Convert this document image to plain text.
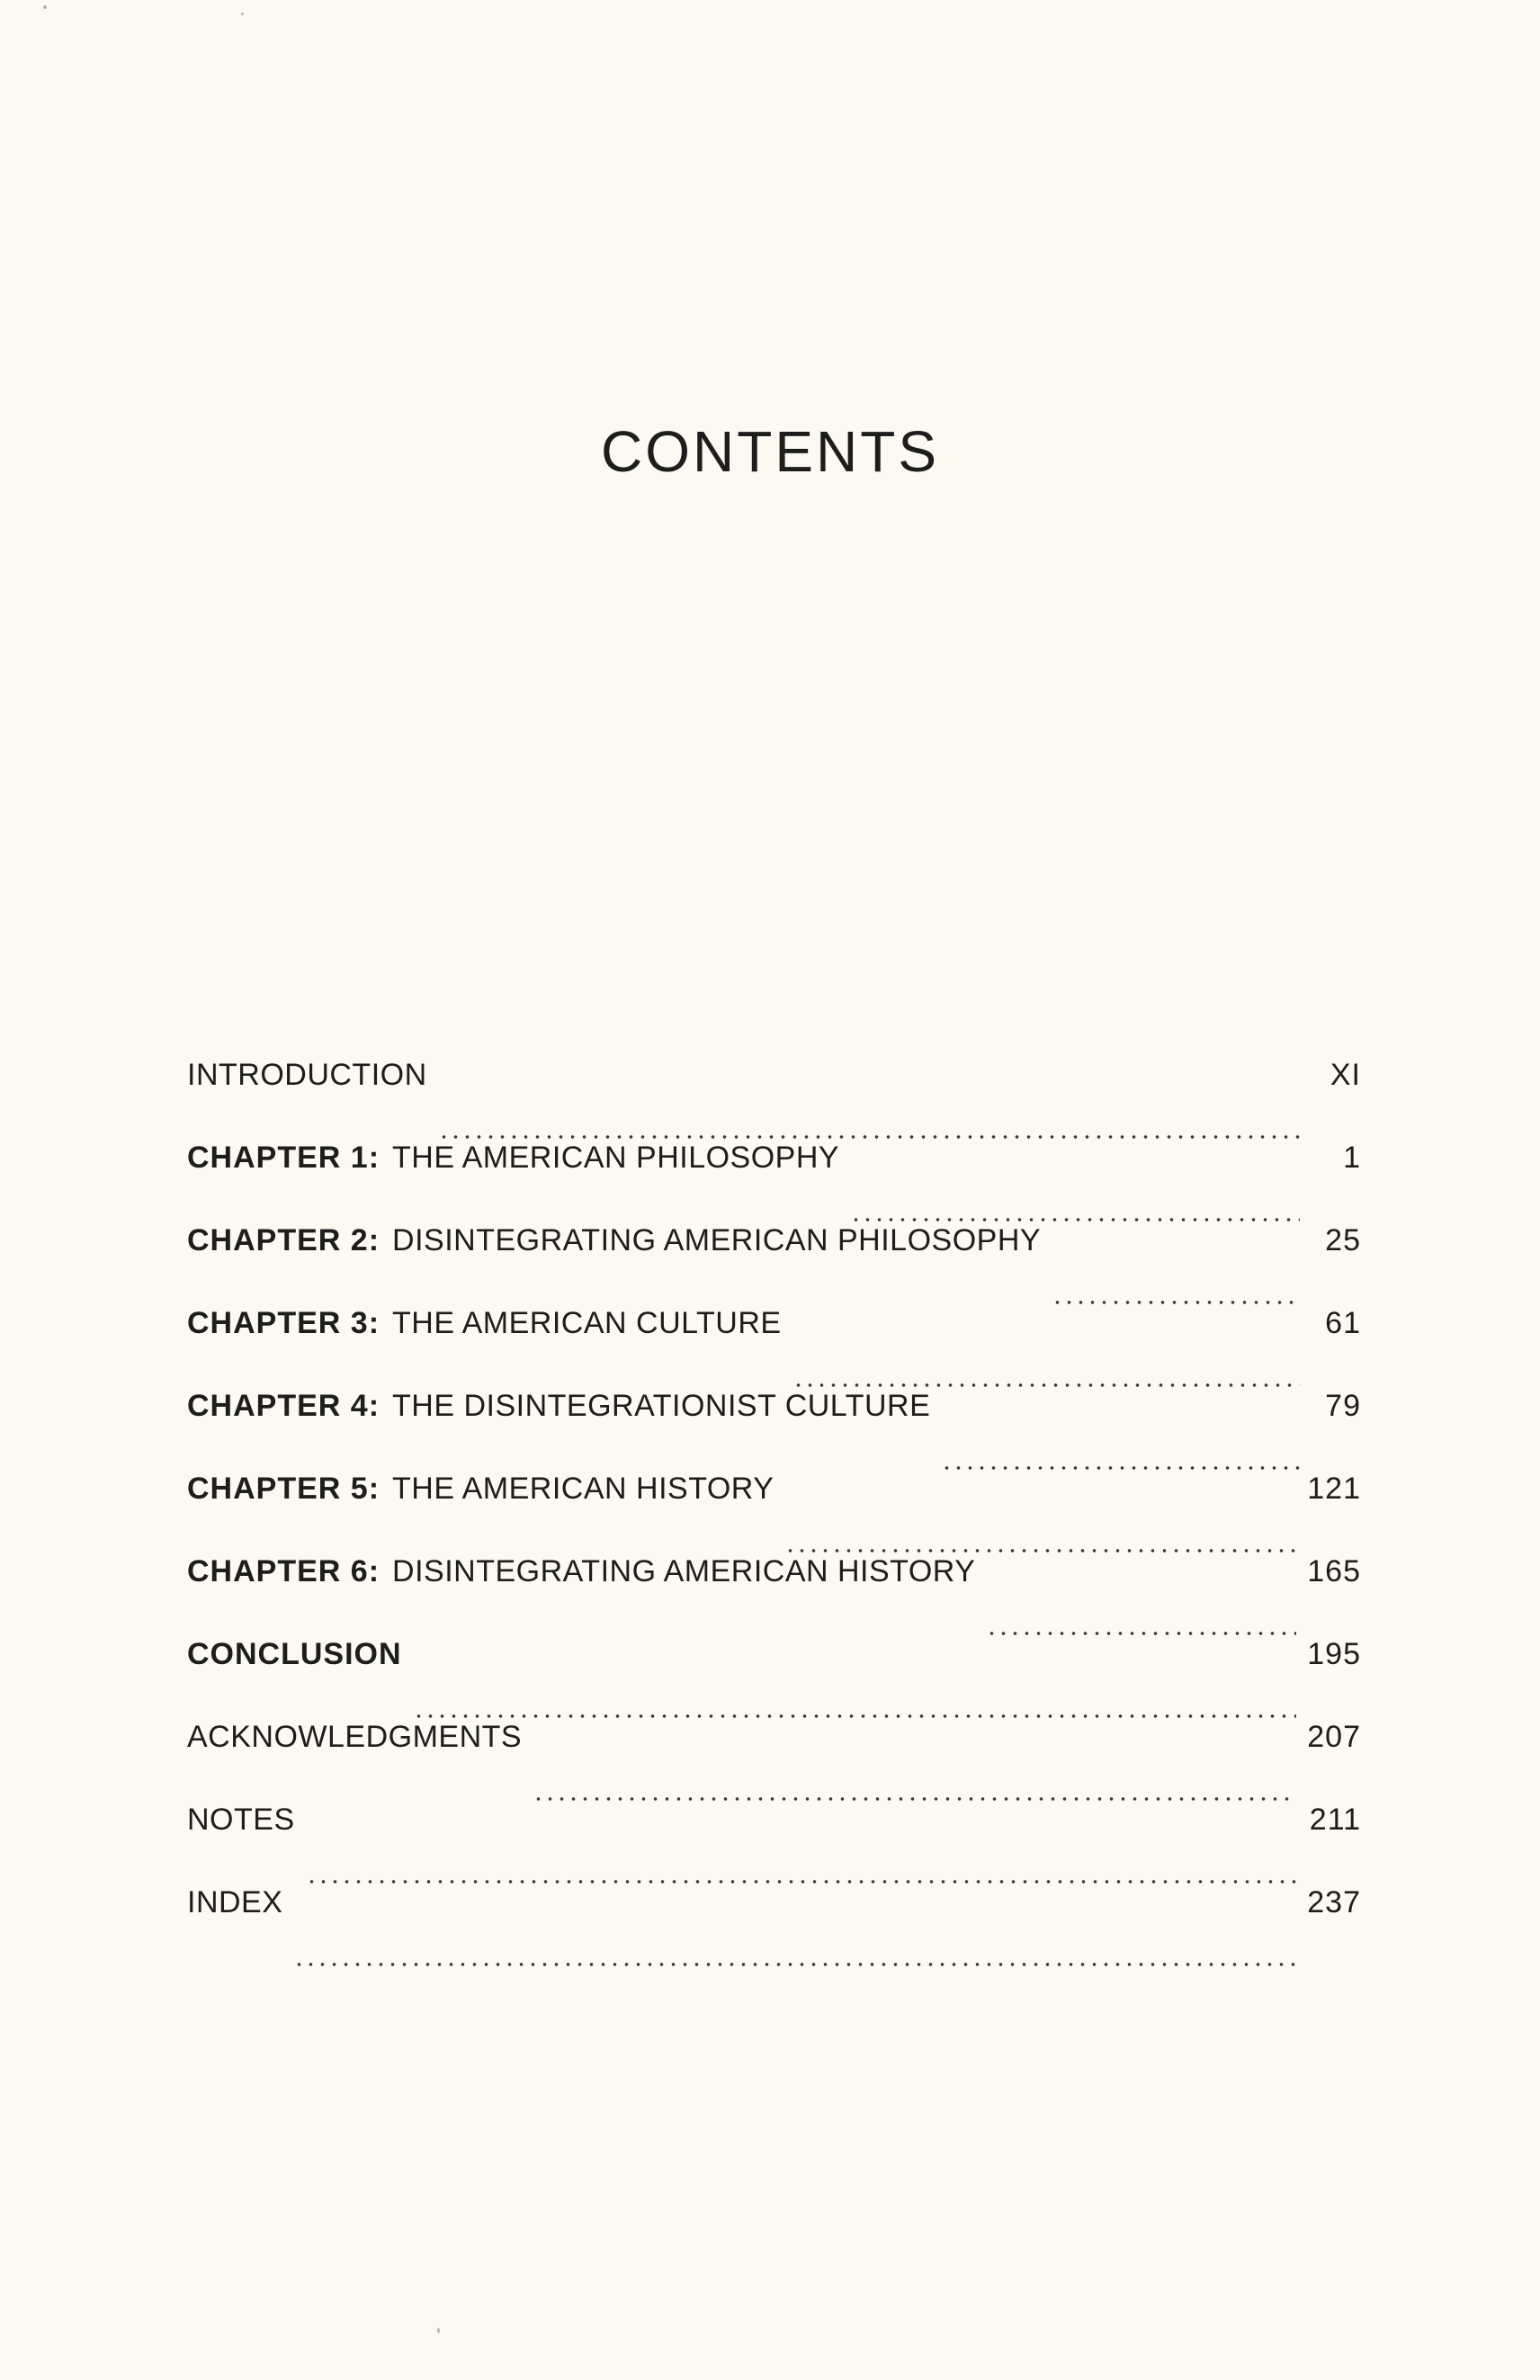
CONTENTS
INTRODUCTION	XI
CHAPTER 1: THE AMERICAN PHILOSOPHY	1
CHAPTER 2: DISINTEGRATING AMERICAN PHILOSOPHY	25
CHAPTER 3: THE AMERICAN CULTURE	61
CHAPTER 4: THE DISINTEGRATIONIST CULTURE	79
CHAPTER 5: THE AMERICAN HISTORY	121
CHAPTER 6: DISINTEGRATING AMERICAN HISTORY	165
CONCLUSION	195
ACKNOWLEDGMENTS	207
NOTES	211
INDEX	237
